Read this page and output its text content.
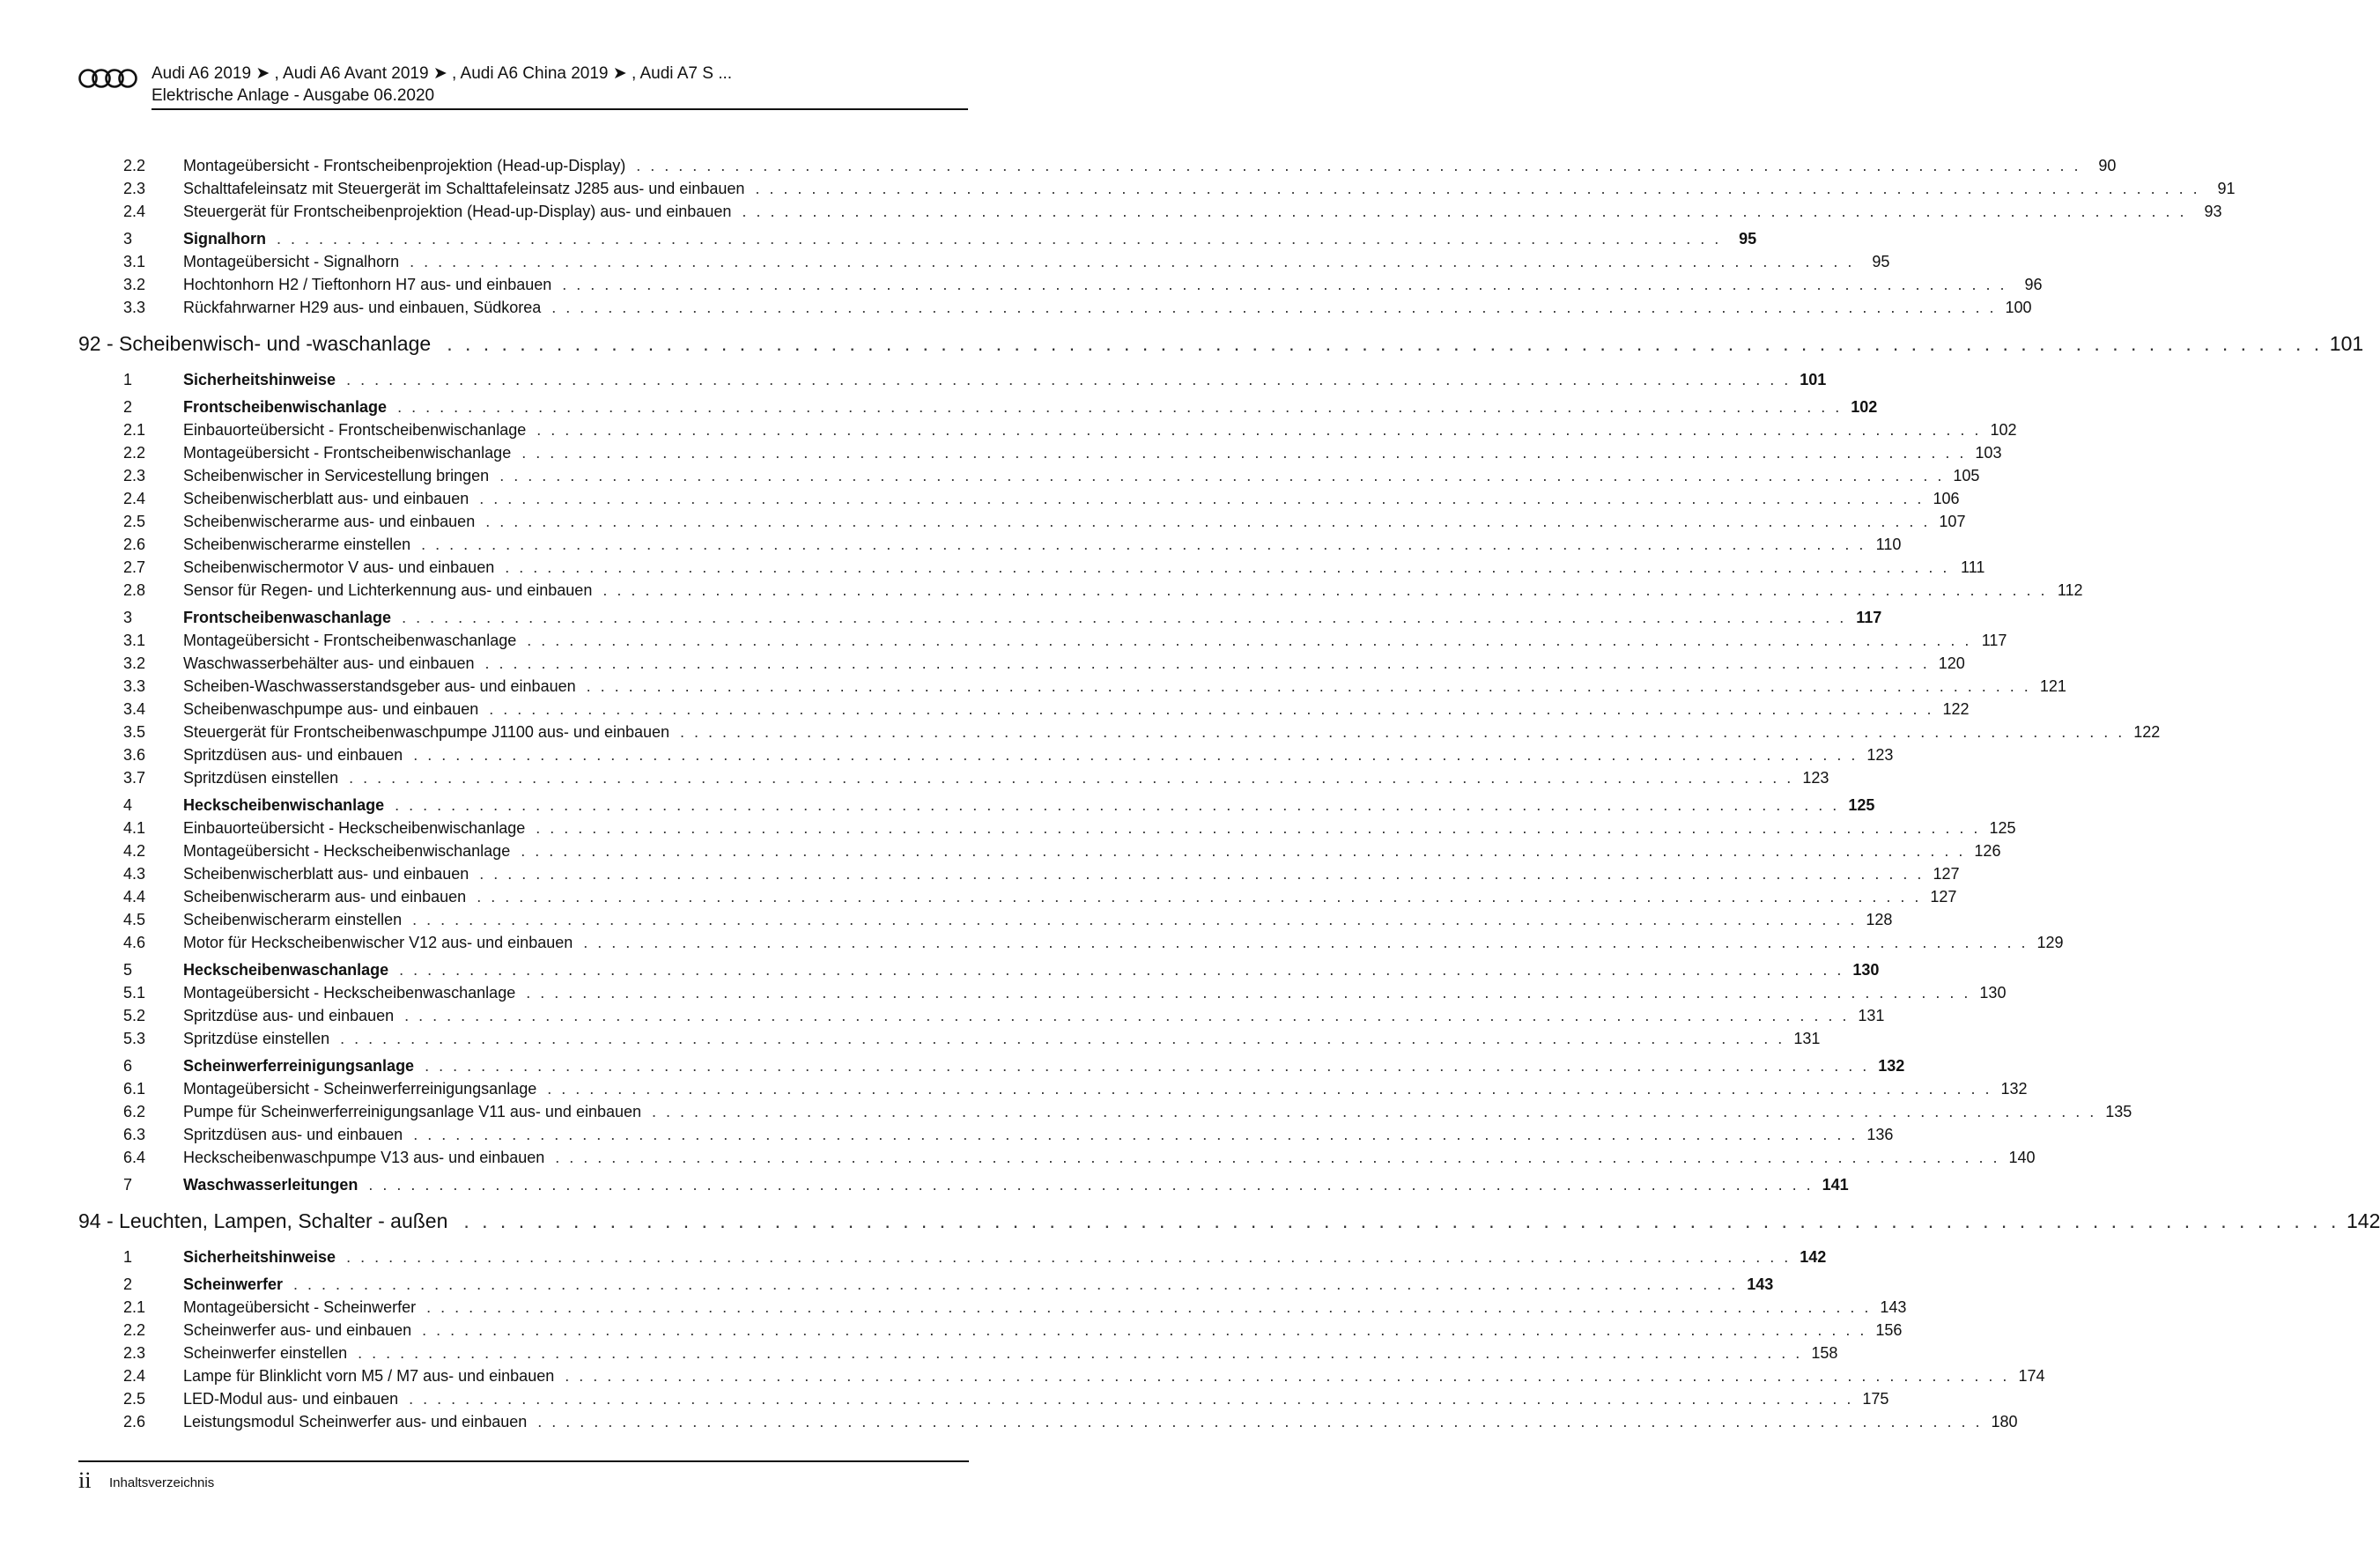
Audi A6 2019 ➤ , Audi A6 Avant 2019 ➤ , Audi A6 China 2019 ➤ , Audi A7 S ...
Elektrische Anlage - Ausgabe 06.2020
2.2	Montageübersicht - Frontscheibenprojektion (Head-up-Display) . . . . . . . . . . . . . . . . . . . . . . . . . . . . . . . . . . . . . . . . . . . . . . . . . . . . . . . . . . . . . . . . . . . . . . . . . . . . . . . . . . . . . . . . . . . . . . . . . . . . . . .	90
2.3	Schalttafeleinsatz mit Steuergerät im Schalttafeleinsatz J285 aus- und einbauen . . . . . . . . . . . . . . . . . . . . . . . . . . . . . . . . . . . . . . . . . . . . . . . . . . . . . . . . . . . . . . . . . . . . . . . . . . . . . . . . . . . . . . . . . . . . . . . . . . . . . . .	91
2.4	Steuergerät für Frontscheibenprojektion (Head-up-Display) aus- und einbauen . . . . . . . . . . . . . . . . . . . . . . . . . . . . . . . . . . . . . . . . . . . . . . . . . . . . . . . . . . . . . . . . . . . . . . . . . . . . . . . . . . . . . . . . . . . . . . . . . . . . . . .	93
3	Signalhorn . . . . . . . . . . . . . . . . . . . . . . . . . . . . . . . . . . . . . . . . . . . . . . . . . . . . . . . . . . . . . . . . . . . . . . . . . . . . . . . . . . . . . . . . . . . . . . . . . . . . . . .	95
3.1	Montageübersicht - Signalhorn . . . . . . . . . . . . . . . . . . . . . . . . . . . . . . . . . . . . . . . . . . . . . . . . . . . . . . . . . . . . . . . . . . . . . . . . . . . . . . . . . . . . . . . . . . . . . . . . . . . . . . .	95
3.2	Hochtonhorn H2 / Tieftonhorn H7 aus- und einbauen . . . . . . . . . . . . . . . . . . . . . . . . . . . . . . . . . . . . . . . . . . . . . . . . . . . . . . . . . . . . . . . . . . . . . . . . . . . . . . . . . . . . . . . . . . . . . . . . . . . . . . .	96
3.3	Rückfahrwarner H29 aus- und einbauen, Südkorea . . . . . . . . . . . . . . . . . . . . . . . . . . . . . . . . . . . . . . . . . . . . . . . . . . . . . . . . . . . . . . . . . . . . . . . . . . . . . . . . . . . . . . . . . . . . . . . . . . . . . . . 100
1	Sicherheitshinweise . . . . . . . . . . . . . . . . . . . . . . . . . . . . . . . . . . . . . . . . . . . . . . . . . . . . . . . . . . . . . . . . . . . . . . . . . . . . . . . . . . . . . . . . . . . . . . . . . . . . . . . 101
2	Frontscheibenwischanlage . . . . . . . . . . . . . . . . . . . . . . . . . . . . . . . . . . . . . . . . . . . . . . . . . . . . . . . . . . . . . . . . . . . . . . . . . . . . . . . . . . . . . . . . . . . . . . . . . . . . . . . 102
2.1	Einbauorteübersicht - Frontscheibenwischanlage . . . . . . . . . . . . . . . . . . . . . . . . . . . . . . . . . . . . . . . . . . . . . . . . . . . . . . . . . . . . . . . . . . . . . . . . . . . . . . . . . . . . . . . . . . . . . . . . . . . . . . . 102
2.2	Montageübersicht - Frontscheibenwischanlage . . . . . . . . . . . . . . . . . . . . . . . . . . . . . . . . . . . . . . . . . . . . . . . . . . . . . . . . . . . . . . . . . . . . . . . . . . . . . . . . . . . . . . . . . . . . . . . . . . . . . . . 103
2.3	Scheibenwischer in Servicestellung bringen . . . . . . . . . . . . . . . . . . . . . . . . . . . . . . . . . . . . . . . . . . . . . . . . . . . . . . . . . . . . . . . . . . . . . . . . . . . . . . . . . . . . . . . . . . . . . . . . . . . . . . . 105
2.4	Scheibenwischerblatt aus- und einbauen . . . . . . . . . . . . . . . . . . . . . . . . . . . . . . . . . . . . . . . . . . . . . . . . . . . . . . . . . . . . . . . . . . . . . . . . . . . . . . . . . . . . . . . . . . . . . . . . . . . . . . . 106
2.5	Scheibenwischerarme aus- und einbauen . . . . . . . . . . . . . . . . . . . . . . . . . . . . . . . . . . . . . . . . . . . . . . . . . . . . . . . . . . . . . . . . . . . . . . . . . . . . . . . . . . . . . . . . . . . . . . . . . . . . . . . 107
2.6	Scheibenwischerarme einstellen . . . . . . . . . . . . . . . . . . . . . . . . . . . . . . . . . . . . . . . . . . . . . . . . . . . . . . . . . . . . . . . . . . . . . . . . . . . . . . . . . . . . . . . . . . . . . . . . . . . . . . . 110
2.7	Scheibenwischermotor V aus- und einbauen . . . . . . . . . . . . . . . . . . . . . . . . . . . . . . . . . . . . . . . . . . . . . . . . . . . . . . . . . . . . . . . . . . . . . . . . . . . . . . . . . . . . . . . . . . . . . . . . . . . . . . . 111
2.8	Sensor für Regen- und Lichterkennung aus- und einbauen . . . . . . . . . . . . . . . . . . . . . . . . . . . . . . . . . . . . . . . . . . . . . . . . . . . . . . . . . . . . . . . . . . . . . . . . . . . . . . . . . . . . . . . . . . . . . . . . . . . . . . . 112
3	Frontscheibenwaschanlage . . . . . . . . . . . . . . . . . . . . . . . . . . . . . . . . . . . . . . . . . . . . . . . . . . . . . . . . . . . . . . . . . . . . . . . . . . . . . . . . . . . . . . . . . . . . . . . . . . . . . . . 117
3.1	Montageübersicht - Frontscheibenwaschanlage . . . . . . . . . . . . . . . . . . . . . . . . . . . . . . . . . . . . . . . . . . . . . . . . . . . . . . . . . . . . . . . . . . . . . . . . . . . . . . . . . . . . . . . . . . . . . . . . . . . . . . . 117
3.2	Waschwasserbehälter aus- und einbauen . . . . . . . . . . . . . . . . . . . . . . . . . . . . . . . . . . . . . . . . . . . . . . . . . . . . . . . . . . . . . . . . . . . . . . . . . . . . . . . . . . . . . . . . . . . . . . . . . . . . . . . 120
3.3	Scheiben-Waschwasserstandsgeber aus- und einbauen . . . . . . . . . . . . . . . . . . . . . . . . . . . . . . . . . . . . . . . . . . . . . . . . . . . . . . . . . . . . . . . . . . . . . . . . . . . . . . . . . . . . . . . . . . . . . . . . . . . . . . . 121
3.4	Scheibenwaschpumpe aus- und einbauen . . . . . . . . . . . . . . . . . . . . . . . . . . . . . . . . . . . . . . . . . . . . . . . . . . . . . . . . . . . . . . . . . . . . . . . . . . . . . . . . . . . . . . . . . . . . . . . . . . . . . . . 122
3.5	Steuergerät für Frontscheibenwaschpumpe J1100 aus- und einbauen . . . . . . . . . . . . . . . . . . . . . . . . . . . . . . . . . . . . . . . . . . . . . . . . . . . . . . . . . . . . . . . . . . . . . . . . . . . . . . . . . . . . . . . . . . . . . . . . . . . . . . . 122
3.6	Spritzdüsen aus- und einbauen . . . . . . . . . . . . . . . . . . . . . . . . . . . . . . . . . . . . . . . . . . . . . . . . . . . . . . . . . . . . . . . . . . . . . . . . . . . . . . . . . . . . . . . . . . . . . . . . . . . . . . . 123
3.7	Spritzdüsen einstellen . . . . . . . . . . . . . . . . . . . . . . . . . . . . . . . . . . . . . . . . . . . . . . . . . . . . . . . . . . . . . . . . . . . . . . . . . . . . . . . . . . . . . . . . . . . . . . . . . . . . . . . 123
4	Heckscheibenwischanlage . . . . . . . . . . . . . . . . . . . . . . . . . . . . . . . . . . . . . . . . . . . . . . . . . . . . . . . . . . . . . . . . . . . . . . . . . . . . . . . . . . . . . . . . . . . . . . . . . . . . . . . 125
4.1	Einbauorteübersicht - Heckscheibenwischanlage . . . . . . . . . . . . . . . . . . . . . . . . . . . . . . . . . . . . . . . . . . . . . . . . . . . . . . . . . . . . . . . . . . . . . . . . . . . . . . . . . . . . . . . . . . . . . . . . . . . . . . . 125
4.2	Montageübersicht - Heckscheibenwischanlage . . . . . . . . . . . . . . . . . . . . . . . . . . . . . . . . . . . . . . . . . . . . . . . . . . . . . . . . . . . . . . . . . . . . . . . . . . . . . . . . . . . . . . . . . . . . . . . . . . . . . . . 126
4.3	Scheibenwischerblatt aus- und einbauen . . . . . . . . . . . . . . . . . . . . . . . . . . . . . . . . . . . . . . . . . . . . . . . . . . . . . . . . . . . . . . . . . . . . . . . . . . . . . . . . . . . . . . . . . . . . . . . . . . . . . . . 127
4.4	Scheibenwischerarm aus- und einbauen . . . . . . . . . . . . . . . . . . . . . . . . . . . . . . . . . . . . . . . . . . . . . . . . . . . . . . . . . . . . . . . . . . . . . . . . . . . . . . . . . . . . . . . . . . . . . . . . . . . . . . . 127
4.5	Scheibenwischerarm einstellen . . . . . . . . . . . . . . . . . . . . . . . . . . . . . . . . . . . . . . . . . . . . . . . . . . . . . . . . . . . . . . . . . . . . . . . . . . . . . . . . . . . . . . . . . . . . . . . . . . . . . . . 128
4.6	Motor für Heckscheibenwischer V12 aus- und einbauen . . . . . . . . . . . . . . . . . . . . . . . . . . . . . . . . . . . . . . . . . . . . . . . . . . . . . . . . . . . . . . . . . . . . . . . . . . . . . . . . . . . . . . . . . . . . . . . . . . . . . . . 129
5	Heckscheibenwaschanlage . . . . . . . . . . . . . . . . . . . . . . . . . . . . . . . . . . . . . . . . . . . . . . . . . . . . . . . . . . . . . . . . . . . . . . . . . . . . . . . . . . . . . . . . . . . . . . . . . . . . . . . 130
5.1	Montageübersicht - Heckscheibenwaschanlage . . . . . . . . . . . . . . . . . . . . . . . . . . . . . . . . . . . . . . . . . . . . . . . . . . . . . . . . . . . . . . . . . . . . . . . . . . . . . . . . . . . . . . . . . . . . . . . . . . . . . . . 130
5.2	Spritzdüse aus- und einbauen . . . . . . . . . . . . . . . . . . . . . . . . . . . . . . . . . . . . . . . . . . . . . . . . . . . . . . . . . . . . . . . . . . . . . . . . . . . . . . . . . . . . . . . . . . . . . . . . . . . . . . . 131
5.3	Spritzdüse einstellen . . . . . . . . . . . . . . . . . . . . . . . . . . . . . . . . . . . . . . . . . . . . . . . . . . . . . . . . . . . . . . . . . . . . . . . . . . . . . . . . . . . . . . . . . . . . . . . . . . . . . . . 131
6	Scheinwerferreinigungsanlage . . . . . . . . . . . . . . . . . . . . . . . . . . . . . . . . . . . . . . . . . . . . . . . . . . . . . . . . . . . . . . . . . . . . . . . . . . . . . . . . . . . . . . . . . . . . . . . . . . . . . . . 132
6.1	Montageübersicht - Scheinwerferreinigungsanlage . . . . . . . . . . . . . . . . . . . . . . . . . . . . . . . . . . . . . . . . . . . . . . . . . . . . . . . . . . . . . . . . . . . . . . . . . . . . . . . . . . . . . . . . . . . . . . . . . . . . . . . 132
6.2	Pumpe für Scheinwerferreinigungsanlage V11 aus- und einbauen . . . . . . . . . . . . . . . . . . . . . . . . . . . . . . . . . . . . . . . . . . . . . . . . . . . . . . . . . . . . . . . . . . . . . . . . . . . . . . . . . . . . . . . . . . . . . . . . . . . . . . . 135
6.3	Spritzdüsen aus- und einbauen . . . . . . . . . . . . . . . . . . . . . . . . . . . . . . . . . . . . . . . . . . . . . . . . . . . . . . . . . . . . . . . . . . . . . . . . . . . . . . . . . . . . . . . . . . . . . . . . . . . . . . . 136
6.4	Heckscheibenwaschpumpe V13 aus- und einbauen . . . . . . . . . . . . . . . . . . . . . . . . . . . . . . . . . . . . . . . . . . . . . . . . . . . . . . . . . . . . . . . . . . . . . . . . . . . . . . . . . . . . . . . . . . . . . . . . . . . . . . . 140
7	Waschwasserleitungen . . . . . . . . . . . . . . . . . . . . . . . . . . . . . . . . . . . . . . . . . . . . . . . . . . . . . . . . . . . . . . . . . . . . . . . . . . . . . . . . . . . . . . . . . . . . . . . . . . . . . . . 141
1	Sicherheitshinweise . . . . . . . . . . . . . . . . . . . . . . . . . . . . . . . . . . . . . . . . . . . . . . . . . . . . . . . . . . . . . . . . . . . . . . . . . . . . . . . . . . . . . . . . . . . . . . . . . . . . . . . 142
2	Scheinwerfer . . . . . . . . . . . . . . . . . . . . . . . . . . . . . . . . . . . . . . . . . . . . . . . . . . . . . . . . . . . . . . . . . . . . . . . . . . . . . . . . . . . . . . . . . . . . . . . . . . . . . . . 143
2.1	Montageübersicht - Scheinwerfer . . . . . . . . . . . . . . . . . . . . . . . . . . . . . . . . . . . . . . . . . . . . . . . . . . . . . . . . . . . . . . . . . . . . . . . . . . . . . . . . . . . . . . . . . . . . . . . . . . . . . . . 143
2.2	Scheinwerfer aus- und einbauen . . . . . . . . . . . . . . . . . . . . . . . . . . . . . . . . . . . . . . . . . . . . . . . . . . . . . . . . . . . . . . . . . . . . . . . . . . . . . . . . . . . . . . . . . . . . . . . . . . . . . . . 156
2.3	Scheinwerfer einstellen . . . . . . . . . . . . . . . . . . . . . . . . . . . . . . . . . . . . . . . . . . . . . . . . . . . . . . . . . . . . . . . . . . . . . . . . . . . . . . . . . . . . . . . . . . . . . . . . . . . . . . . 158
2.4	Lampe für Blinklicht vorn M5 / M7 aus- und einbauen . . . . . . . . . . . . . . . . . . . . . . . . . . . . . . . . . . . . . . . . . . . . . . . . . . . . . . . . . . . . . . . . . . . . . . . . . . . . . . . . . . . . . . . . . . . . . . . . . . . . . . . 174
2.5	LED-Modul aus- und einbauen . . . . . . . . . . . . . . . . . . . . . . . . . . . . . . . . . . . . . . . . . . . . . . . . . . . . . . . . . . . . . . . . . . . . . . . . . . . . . . . . . . . . . . . . . . . . . . . . . . . . . . . 175
2.6	Leistungsmodul Scheinwerfer aus- und einbauen . . . . . . . . . . . . . . . . . . . . . . . . . . . . . . . . . . . . . . . . . . . . . . . . . . . . . . . . . . . . . . . . . . . . . . . . . . . . . . . . . . . . . . . . . . . . . . . . . . . . . . . 180
ii Inhaltsverzeichnis
92 - Scheibenwisch- und -waschanlage . . . . . . . . . . . . . . . . . . . . . . . . . . . . . . . . . . . . . . . . . . . . . . . . . . . . . . . . . . . . . . . . . . . . . . . . . . . . . . . . . . . . . . . . . . . . . . . . . . . . . . . 101
94 - Leuchten, Lampen, Schalter - außen . . . . . . . . . . . . . . . . . . . . . . . . . . . . . . . . . . . . . . . . . . . . . . . . . . . . . . . . . . . . . . . . . . . . . . . . . . . . . . . . . . . . . . . . . . . . . . . . . . . . . . . 142
